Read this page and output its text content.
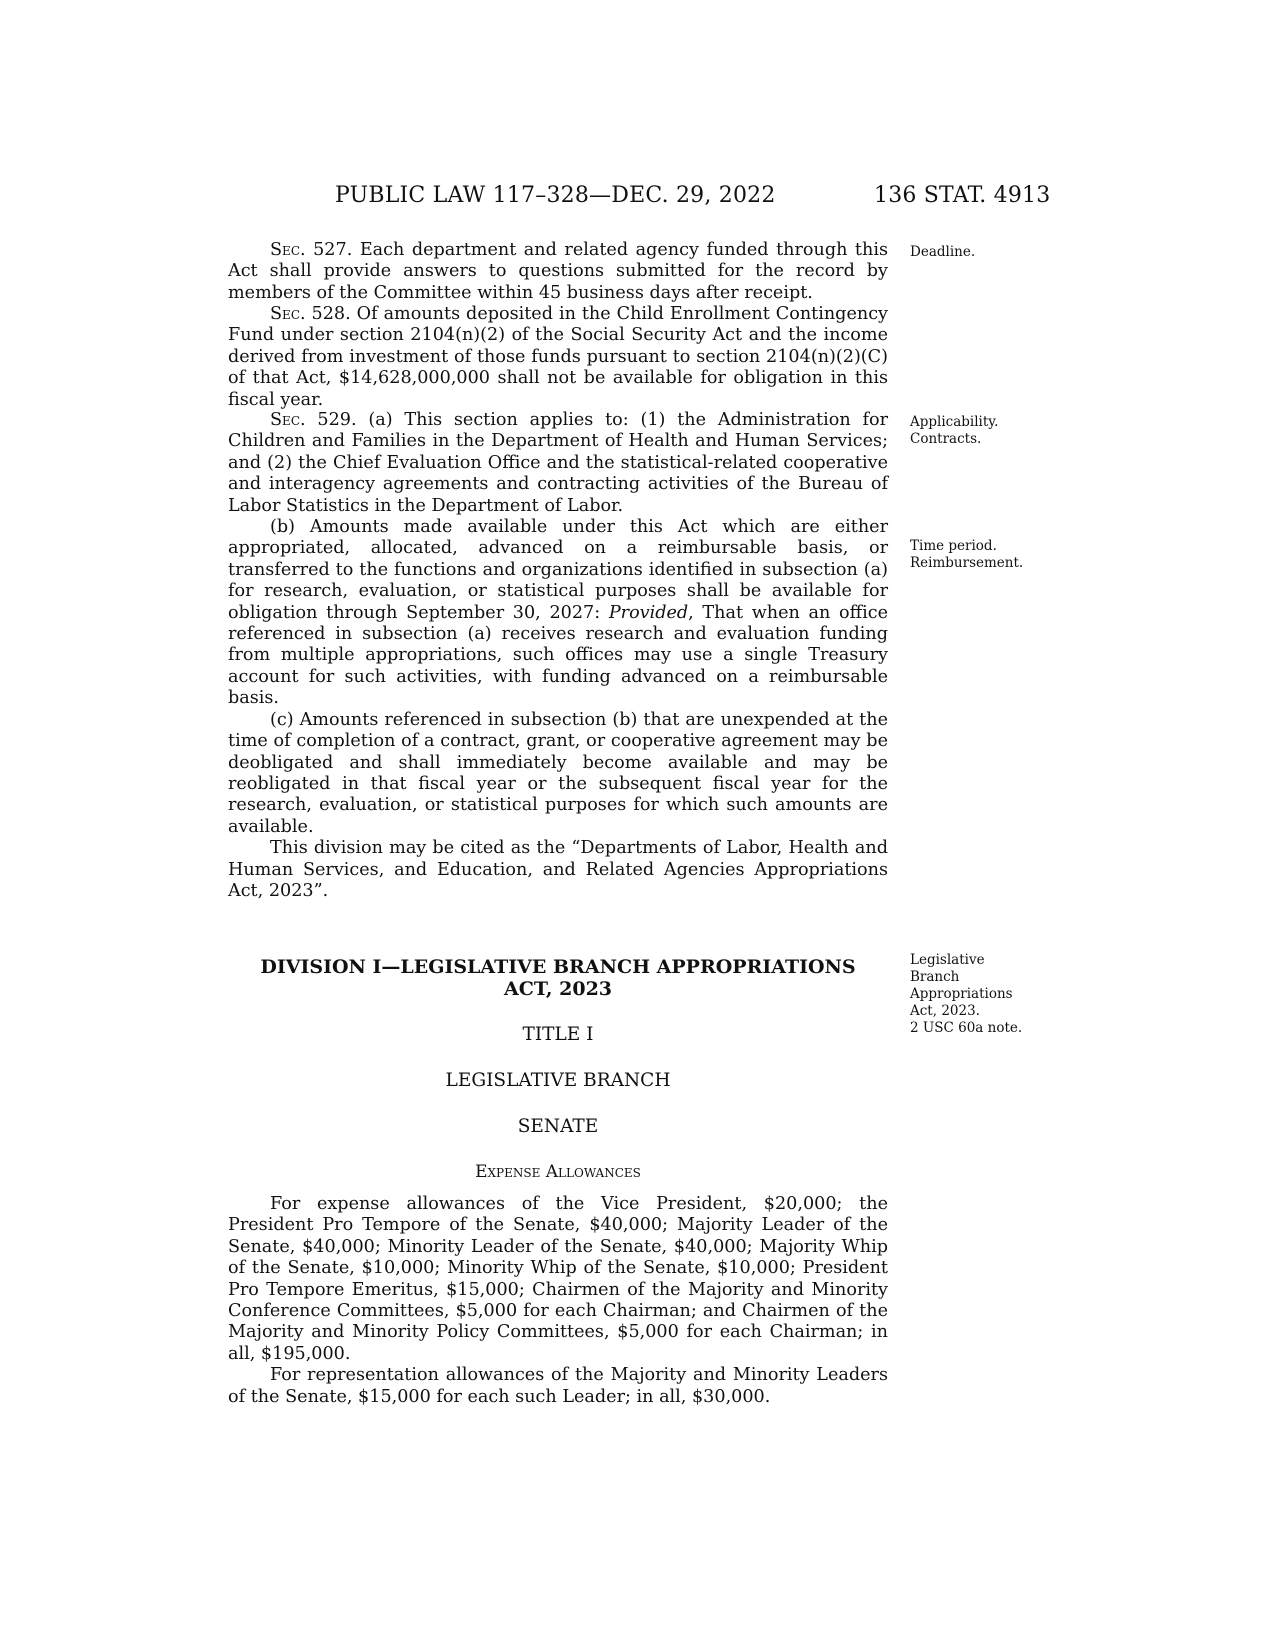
PUBLIC LAW 117–328—DEC. 29, 2022	136 STAT. 4913

Sec. 527. Each department and related agency funded through this Act shall provide answers to questions submitted for the record by members of the Committee within 45 business days after receipt.

Sec. 528. Of amounts deposited in the Child Enrollment Contingency Fund under section 2104(n)(2) of the Social Security Act and the income derived from investment of those funds pursuant to section 2104(n)(2)(C) of that Act, $14,628,000,000 shall not be available for obligation in this fiscal year.

Sec. 529. (a) This section applies to: (1) the Administration for Children and Families in the Department of Health and Human Services; and (2) the Chief Evaluation Office and the statistical-related cooperative and interagency agreements and contracting activities of the Bureau of Labor Statistics in the Department of Labor.

(b) Amounts made available under this Act which are either appropriated, allocated, advanced on a reimbursable basis, or transferred to the functions and organizations identified in subsection (a) for research, evaluation, or statistical purposes shall be available for obligation through September 30, 2027: Provided, That when an office referenced in subsection (a) receives research and evaluation funding from multiple appropriations, such offices may use a single Treasury account for such activities, with funding advanced on a reimbursable basis.

(c) Amounts referenced in subsection (b) that are unexpended at the time of completion of a contract, grant, or cooperative agreement may be deobligated and shall immediately become available and may be reobligated in that fiscal year or the subsequent fiscal year for the research, evaluation, or statistical purposes for which such amounts are available.

This division may be cited as the “Departments of Labor, Health and Human Services, and Education, and Related Agencies Appropriations Act, 2023”.

Deadline.
Applicability.
Contracts.
Time period.
Reimbursement.
Legislative
Branch
Appropriations
Act, 2023.
2 USC 60a note.
DIVISION I—LEGISLATIVE BRANCH APPROPRIATIONS
ACT, 2023
TITLE I
LEGISLATIVE BRANCH
SENATE
Expense Allowances

For expense allowances of the Vice President, $20,000; the President Pro Tempore of the Senate, $40,000; Majority Leader of the Senate, $40,000; Minority Leader of the Senate, $40,000; Majority Whip of the Senate, $10,000; Minority Whip of the Senate, $10,000; President Pro Tempore Emeritus, $15,000; Chairmen of the Majority and Minority Conference Committees, $5,000 for each Chairman; and Chairmen of the Majority and Minority Policy Committees, $5,000 for each Chairman; in all, $195,000.

For representation allowances of the Majority and Minority Leaders of the Senate, $15,000 for each such Leader; in all, $30,000.
